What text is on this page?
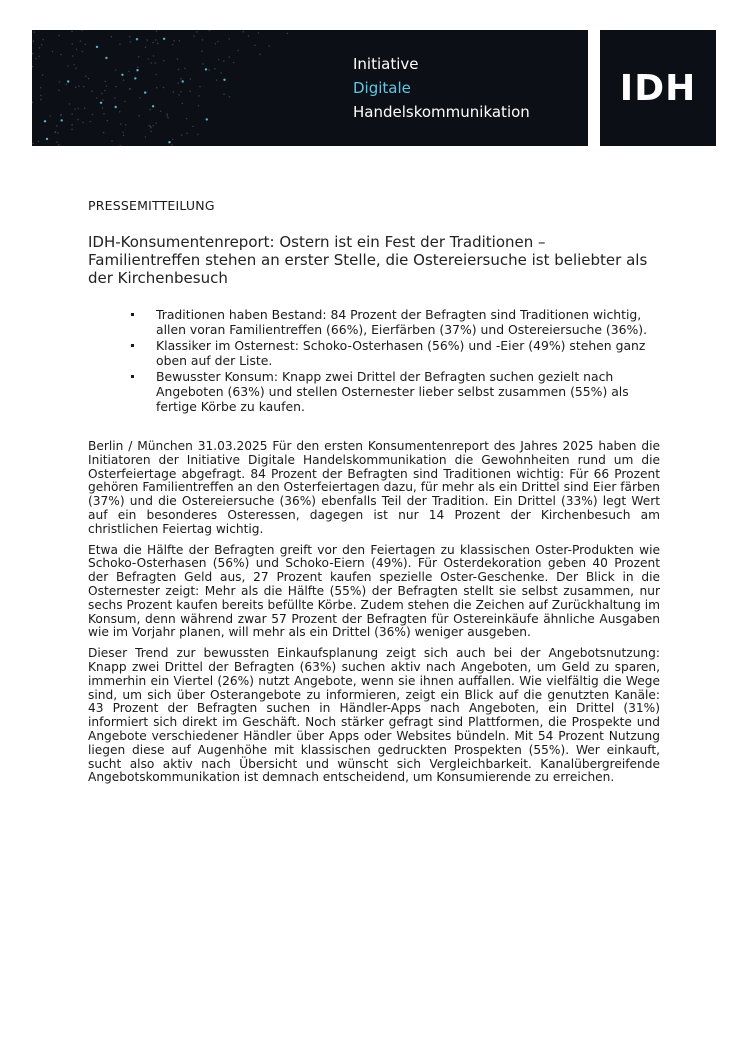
Initiative
Digitale
Handelskommunikation
IDH
PRESSEMITTEILUNG
IDH-Konsumentenreport: Ostern ist ein Fest der Traditionen – Familientreffen stehen an erster Stelle, die Ostereiersuche ist beliebter als der Kirchenbesuch
Traditionen haben Bestand: 84 Prozent der Befragten sind Traditionen wichtig, allen voran Familientreffen (66%), Eierfärben (37%) und Ostereiersuche (36%).
Klassiker im Osternest: Schoko-Osterhasen (56%) und -Eier (49%) stehen ganz oben auf der Liste.
Bewusster Konsum: Knapp zwei Drittel der Befragten suchen gezielt nach Angeboten (63%) und stellen Osternester lieber selbst zusammen (55%) als fertige Körbe zu kaufen.

Berlin / München 31.03.2025 Für den ersten Konsumentenreport des Jahres 2025 haben die Initiatoren der Initiative Digitale Handelskommunikation die Gewohnheiten rund um die Osterfeiertage abgefragt. 84 Prozent der Befragten sind Traditionen wichtig: Für 66 Prozent gehören Familientreffen an den Osterfeiertagen dazu, für mehr als ein Drittel sind Eier färben (37%) und die Ostereiersuche (36%) ebenfalls Teil der Tradition. Ein Drittel (33%) legt Wert auf ein besonderes Osteressen, dagegen ist nur 14 Prozent der Kirchenbesuch am christlichen Feiertag wichtig.

Etwa die Hälfte der Befragten greift vor den Feiertagen zu klassischen Oster-Produkten wie Schoko-Osterhasen (56%) und Schoko-Eiern (49%). Für Osterdekoration geben 40 Prozent der Befragten Geld aus, 27 Prozent kaufen spezielle Oster-Geschenke. Der Blick in die Osternester zeigt: Mehr als die Hälfte (55%) der Befragten stellt sie selbst zusammen, nur sechs Prozent kaufen bereits befüllte Körbe. Zudem stehen die Zeichen auf Zurückhaltung im Konsum, denn während zwar 57 Prozent der Befragten für Ostereinkäufe ähnliche Ausgaben wie im Vorjahr planen, will mehr als ein Drittel (36%) weniger ausgeben.

Dieser Trend zur bewussten Einkaufsplanung zeigt sich auch bei der Angebotsnutzung: Knapp zwei Drittel der Befragten (63%) suchen aktiv nach Angeboten, um Geld zu sparen, immerhin ein Viertel (26%) nutzt Angebote, wenn sie ihnen auffallen. Wie vielfältig die Wege sind, um sich über Osterangebote zu informieren, zeigt ein Blick auf die genutzten Kanäle: 43 Prozent der Befragten suchen in Händler-Apps nach Angeboten, ein Drittel (31%) informiert sich direkt im Geschäft. Noch stärker gefragt sind Plattformen, die Prospekte und Angebote verschiedener Händler über Apps oder Websites bündeln. Mit 54 Prozent Nutzung liegen diese auf Augenhöhe mit klassischen gedruckten Prospekten (55%). Wer einkauft, sucht also aktiv nach Übersicht und wünscht sich Vergleichbarkeit. Kanalübergreifende Angebotskommunikation ist demnach entscheidend, um Konsumierende zu erreichen.
